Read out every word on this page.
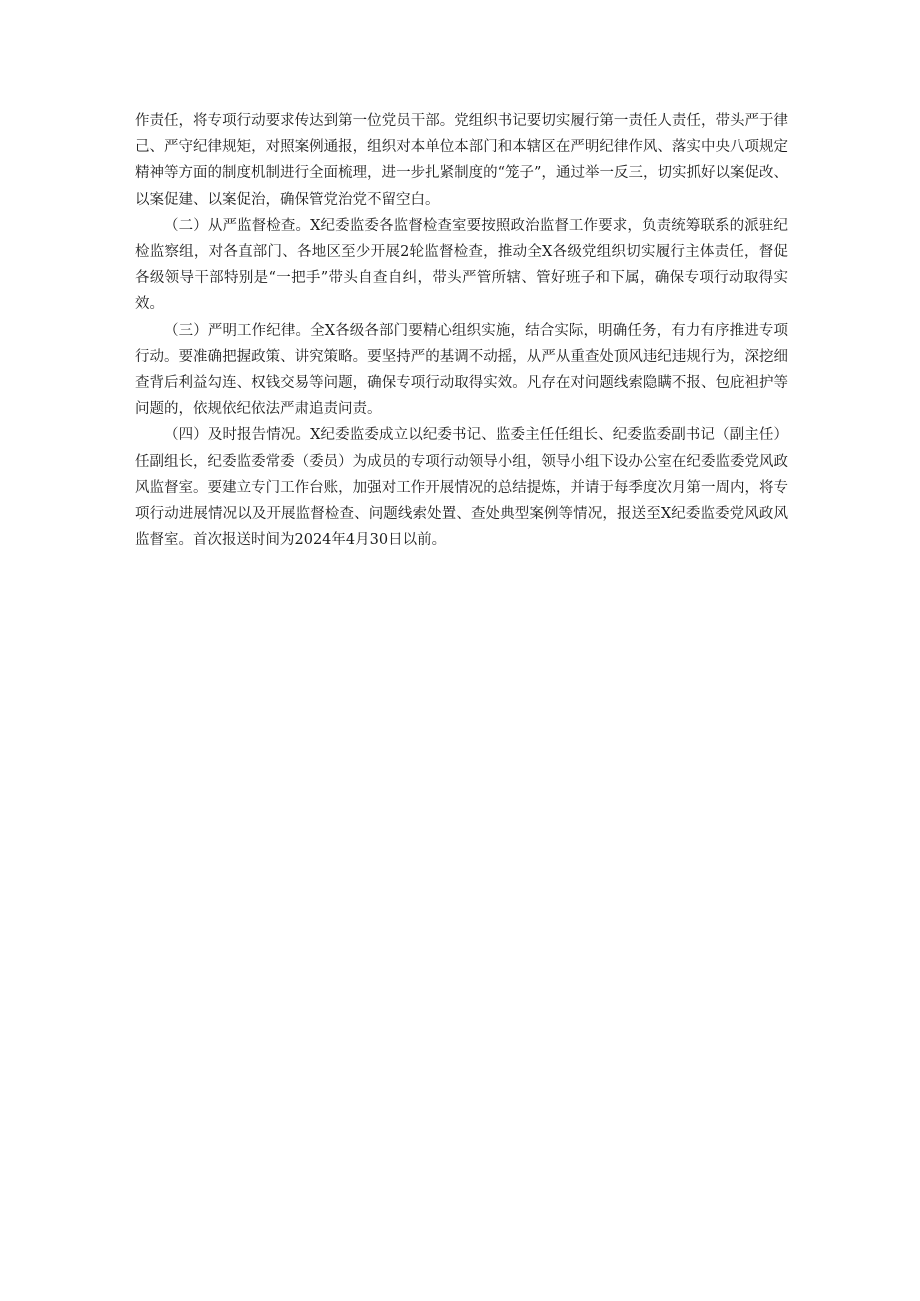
作责任，将专项行动要求传达到第一位党员干部。党组织书记要切实履行第一责任人责任，带头严于律己、严守纪律规矩，对照案例通报，组织对本单位本部门和本辖区在严明纪律作风、落实中央八项规定精神等方面的制度机制进行全面梳理，进一步扎紧制度的“笼子”，通过举一反三，切实抓好以案促改、以案促建、以案促治，确保管党治党不留空白。

（二）从严监督检查。X纪委监委各监督检查室要按照政治监督工作要求，负责统筹联系的派驻纪检监察组，对各直部门、各地区至少开展2轮监督检查，推动全X各级党组织切实履行主体责任，督促各级领导干部特别是“一把手”带头自查自纠，带头严管所辖、管好班子和下属，确保专项行动取得实效。

（三）严明工作纪律。全X各级各部门要精心组织实施，结合实际，明确任务，有力有序推进专项行动。要准确把握政策、讲究策略。要坚持严的基调不动摇，从严从重查处顶风违纪违规行为，深挖细查背后利益勾连、权钱交易等问题，确保专项行动取得实效。凡存在对问题线索隐瞒不报、包庇袒护等问题的，依规依纪依法严肃追责问责。

（四）及时报告情况。X纪委监委成立以纪委书记、监委主任任组长、纪委监委副书记（副主任）任副组长，纪委监委常委（委员）为成员的专项行动领导小组，领导小组下设办公室在纪委监委党风政风监督室。要建立专门工作台账，加强对工作开展情况的总结提炼，并请于每季度次月第一周内，将专项行动进展情况以及开展监督检查、问题线索处置、查处典型案例等情况，报送至X纪委监委党风政风监督室。首次报送时间为2024年4月30日以前。
